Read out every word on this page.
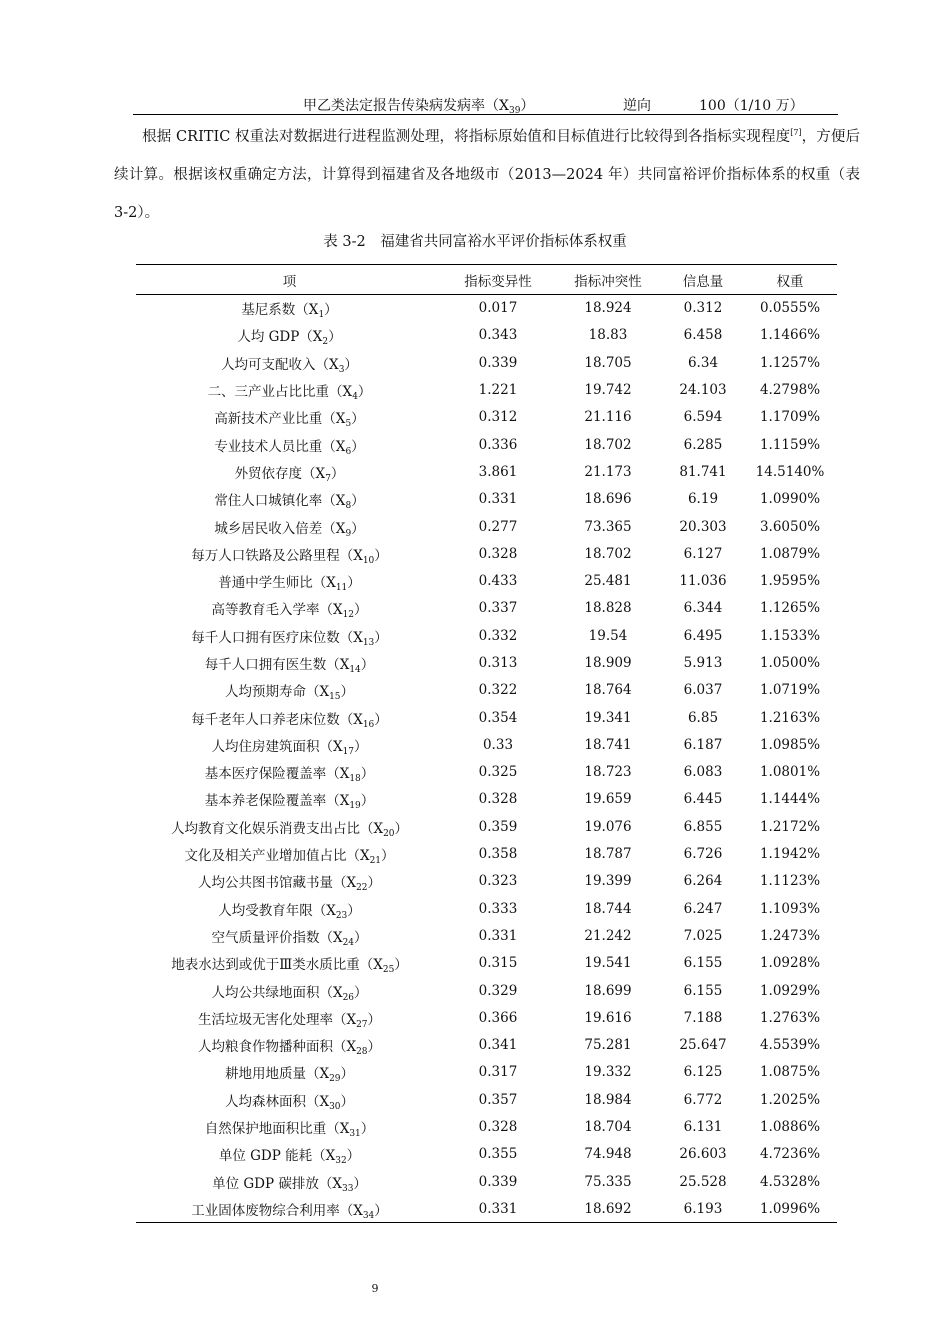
甲乙类法定报告传染病发病率$(X_{39})$	逆向	100（1/10 万）

根据 CRITIC 权重法对数据进行进程监测处理，将指标原始值和目标值进行比较得到各指标实现程度[7]，方便后续计算。根据该权重确定方法，计算得到福建省及各地级市（2013—2024 年）共同富裕评价指标体系的权重（表 3-2）。

表 3-2　福建省共同富裕水平评价指标体系权重
项	指标变异性	指标冲突性	信息量	权重
基尼系数$(X_1)$	0.017	18.924	0.312	0.0555%
人均 $GDP(X_2)$	0.343	18.83	6.458	1.1466%
人均可支配收入$(X_3)$	0.339	18.705	6.34	1.1257%
二、三产业占比比重$(X_4)$	1.221	19.742	24.103	4.2798%
高新技术产业比重$(X_5)$	0.312	21.116	6.594	1.1709%
专业技术人员比重$(X_6)$	0.336	18.702	6.285	1.1159%
外贸依存度$(X_7)$	3.861	21.173	81.741	14.5140%
常住人口城镇化率$(X_8)$	0.331	18.696	6.19	1.0990%
城乡居民收入倍差$(X_9)$	0.277	73.365	20.303	3.6050%
每万人口铁路及公路里程$(X_{10})$	0.328	18.702	6.127	1.0879%
普通中学生师比$(X_{11})$	0.433	25.481	11.036	1.9595%
高等教育毛入学率$(X_{12})$	0.337	18.828	6.344	1.1265%
每千人口拥有医疗床位数$(X_{13})$	0.332	19.54	6.495	1.1533%
每千人口拥有医生数$(X_{14})$	0.313	18.909	5.913	1.0500%
人均预期寿命$(X_{15})$	0.322	18.764	6.037	1.0719%
每千老年人口养老床位数$(X_{16})$	0.354	19.341	6.85	1.2163%
人均住房建筑面积$(X_{17})$	0.33	18.741	6.187	1.0985%
基本医疗保险覆盖率$(X_{18})$	0.325	18.723	6.083	1.0801%
基本养老保险覆盖率$(X_{19})$	0.328	19.659	6.445	1.1444%
人均教育文化娱乐消费支出占比$(X_{20})$	0.359	19.076	6.855	1.2172%
文化及相关产业增加值占比$(X_{21})$	0.358	18.787	6.726	1.1942%
人均公共图书馆藏书量$(X_{22})$	0.323	19.399	6.264	1.1123%
人均受教育年限$(X_{23})$	0.333	18.744	6.247	1.1093%
空气质量评价指数$(X_{24})$	0.331	21.242	7.025	1.2473%
地表水达到或优于Ⅲ类水质比重$(X_{25})$	0.315	19.541	6.155	1.0928%
人均公共绿地面积$(X_{26})$	0.329	18.699	6.155	1.0929%
生活垃圾无害化处理率$(X_{27})$	0.366	19.616	7.188	1.2763%
人均粮食作物播种面积$(X_{28})$	0.341	75.281	25.647	4.5539%
耕地用地质量$(X_{29})$	0.317	19.332	6.125	1.0875%
人均森林面积$(X_{30})$	0.357	18.984	6.772	1.2025%
自然保护地面积比重$(X_{31})$	0.328	18.704	6.131	1.0886%
单位 GDP 能耗$(X_{32})$	0.355	74.948	26.603	4.7236%
单位 GDP 碳排放$(X_{33})$	0.339	75.335	25.528	4.5328%
工业固体废物综合利用率$(X_{34})$	0.331	18.692	6.193	1.0996%
9
